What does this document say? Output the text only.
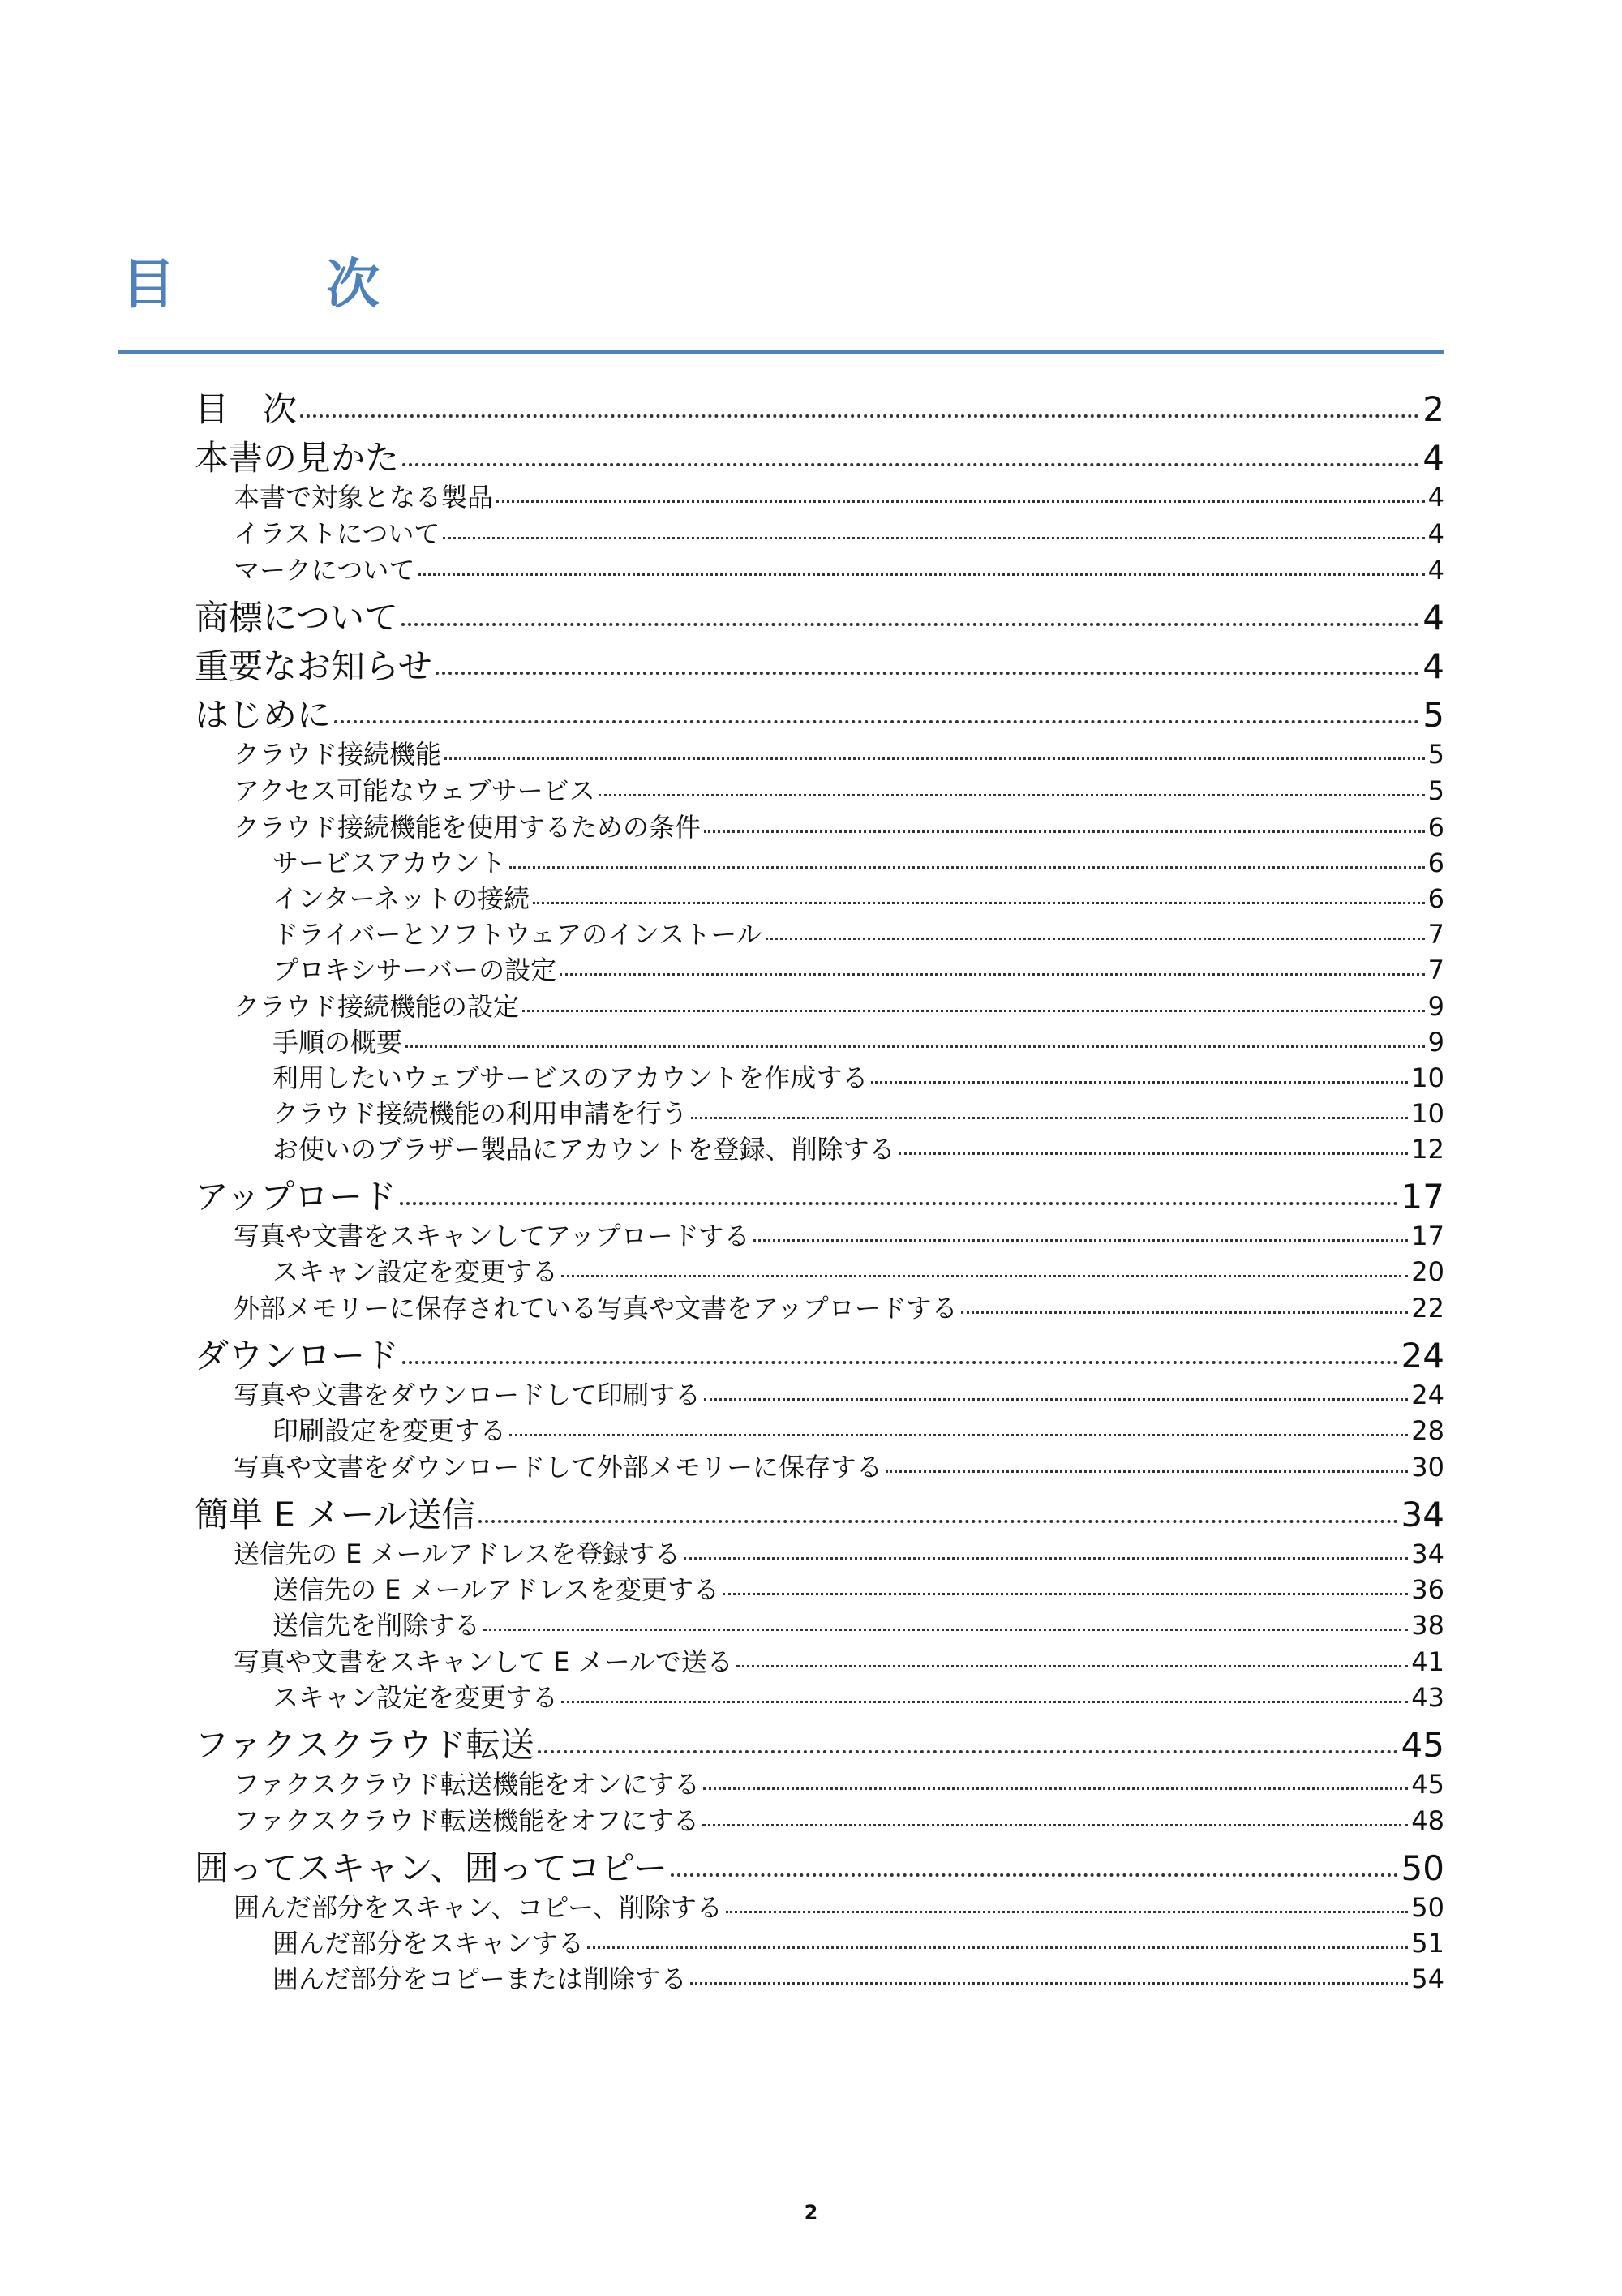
目　次
目　次	2
本書の見かた	4
本書で対象となる製品	4
イラストについて	4
マークについて	4
商標について	4
重要なお知らせ	4
はじめに	5
クラウド接続機能	5
アクセス可能なウェブサービス	5
クラウド接続機能を使用するための条件	6
サービスアカウント	6
インターネットの接続	6
ドライバーとソフトウェアのインストール	7
プロキシサーバーの設定	7
クラウド接続機能の設定	9
手順の概要	9
利用したいウェブサービスのアカウントを作成する	10
クラウド接続機能の利用申請を行う	10
お使いのブラザー製品にアカウントを登録、削除する	12
アップロード	17
写真や文書をスキャンしてアップロードする	17
スキャン設定を変更する	20
外部メモリーに保存されている写真や文書をアップロードする	22
ダウンロード	24
写真や文書をダウンロードして印刷する	24
印刷設定を変更する	28
写真や文書をダウンロードして外部メモリーに保存する	30
簡単 E メール送信	34
送信先の E メールアドレスを登録する	34
送信先の E メールアドレスを変更する	36
送信先を削除する	38
写真や文書をスキャンして E メールで送る	41
スキャン設定を変更する	43
ファクスクラウド転送	45
ファクスクラウド転送機能をオンにする	45
ファクスクラウド転送機能をオフにする	48
囲ってスキャン、囲ってコピー	50
囲んだ部分をスキャン、コピー、削除する	50
囲んだ部分をスキャンする	51
囲んだ部分をコピーまたは削除する	54
2
